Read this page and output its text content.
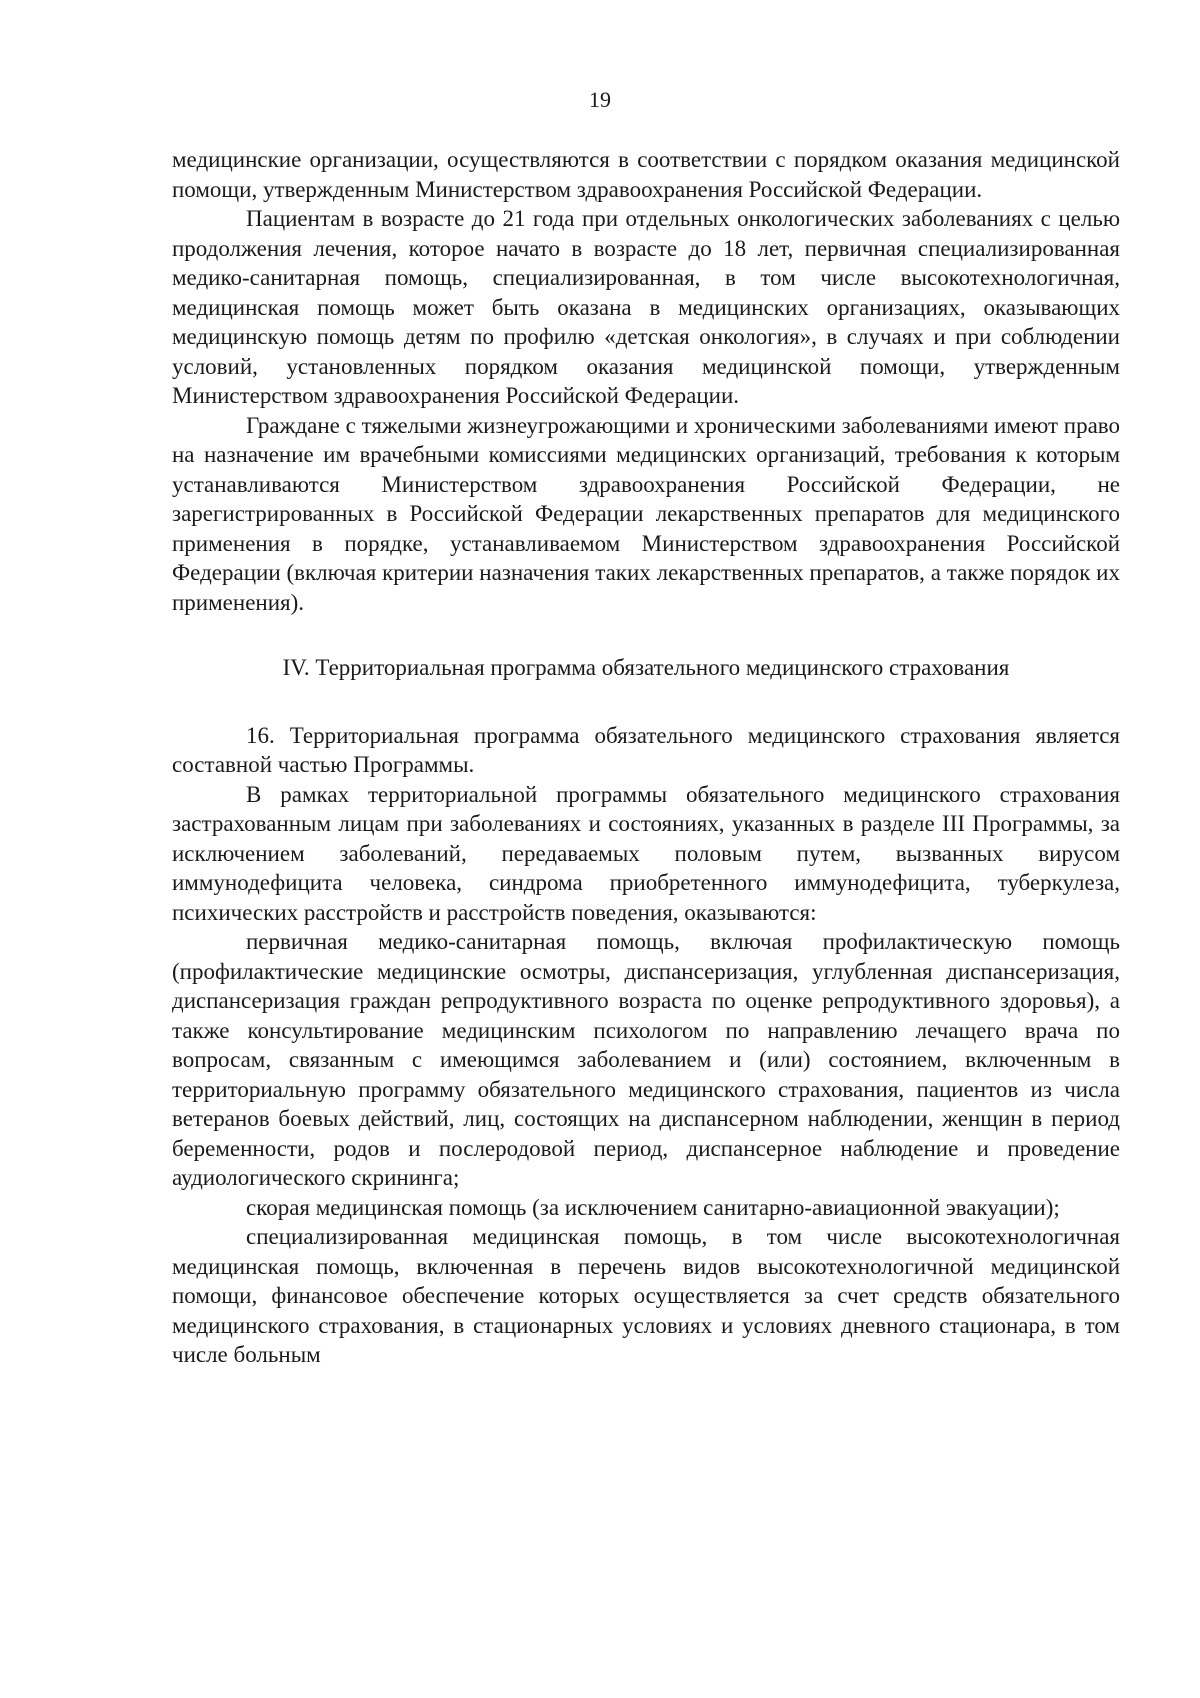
19

медицинские организации, осуществляются в соответствии с порядком оказания медицинской помощи, утвержденным Министерством здравоохранения Российской Федерации.

Пациентам в возрасте до 21 года при отдельных онкологических заболеваниях с целью продолжения лечения, которое начато в возрасте до 18 лет, первичная специализированная медико-санитарная помощь, специализированная, в том числе высокотехнологичная, медицинская помощь может быть оказана в медицинских организациях, оказывающих медицинскую помощь детям по профилю «детская онкология», в случаях и при соблюдении условий, установленных порядком оказания медицинской помощи, утвержденным Министерством здравоохранения Российской Федерации.

Граждане с тяжелыми жизнеугрожающими и хроническими заболеваниями имеют право на назначение им врачебными комиссиями медицинских организаций, требования к которым устанавливаются Министерством здравоохранения Российской Федерации, не зарегистрированных в Российской Федерации лекарственных препаратов для медицинского применения в порядке, устанавливаемом Министерством здравоохранения Российской Федерации (включая критерии назначения таких лекарственных препаратов, а также порядок их применения).

IV. Территориальная программа обязательного медицинского страхования

16. Территориальная программа обязательного медицинского страхования является составной частью Программы.

В рамках территориальной программы обязательного медицинского страхования застрахованным лицам при заболеваниях и состояниях, указанных в разделе III Программы, за исключением заболеваний, передаваемых половым путем, вызванных вирусом иммунодефицита человека, синдрома приобретенного иммунодефицита, туберкулеза, психических расстройств и расстройств поведения, оказываются:

первичная медико-санитарная помощь, включая профилактическую помощь (профилактические медицинские осмотры, диспансеризация, углубленная диспансеризация, диспансеризация граждан репродуктивного возраста по оценке репродуктивного здоровья), а также консультирование медицинским психологом по направлению лечащего врача по вопросам, связанным с имеющимся заболеванием и (или) состоянием, включенным в территориальную программу обязательного медицинского страхования, пациентов из числа ветеранов боевых действий, лиц, состоящих на диспансерном наблюдении, женщин в период беременности, родов и послеродовой период, диспансерное наблюдение и проведение аудиологического скрининга;

скорая медицинская помощь (за исключением санитарно-авиационной эвакуации);

специализированная медицинская помощь, в том числе высокотехнологичная медицинская помощь, включенная в перечень видов высокотехнологичной медицинской помощи, финансовое обеспечение которых осуществляется за счет средств обязательного медицинского страхования, в стационарных условиях и условиях дневного стационара, в том числе больным
